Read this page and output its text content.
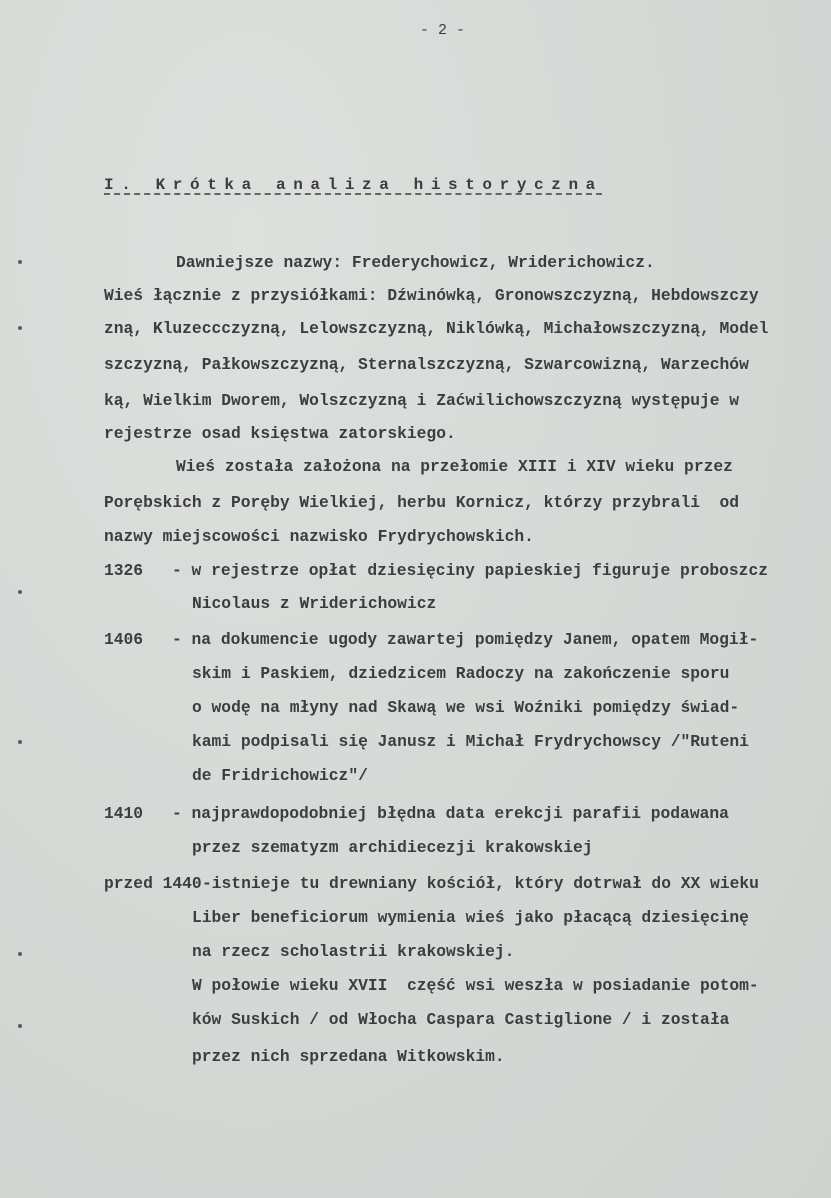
- 2 -
I. Krótka analiza historyczna
Dawniejsze nazwy: Frederychowicz, Wriderichowicz.
Wieś łącznie z przysiółkami: Dźwinówką, Gronowszczyzną, Hebdowszczy
zną, Kluzeccczyzną, Lelowszczyzną, Niklówką, Michałowszczyzną, Model
szczyzną, Pałkowszczyzną, Sternalszczyzną, Szwarcowizną, Warzechów
ką, Wielkim Dworem, Wolszczyzną i Zaćwilichowszczyzną występuje w
rejestrze osad księstwa zatorskiego.
Wieś została założona na przełomie XIII i XIV wieku przez
Porębskich z Poręby Wielkiej, herbu Kornicz, którzy przybrali  od
nazwy miejscowości nazwisko Frydrychowskich.
1326 - w rejestrze opłat dziesięciny papieskiej figuruje proboszcz
Nicolaus z Wriderichowicz
1406 - na dokumencie ugody zawartej pomiędzy Janem, opatem Mogił-
skim i Paskiem, dziedzicem Radoczy na zakończenie sporu
o wodę na młyny nad Skawą we wsi Woźniki pomiędzy świad-
kami podpisali się Janusz i Michał Frydrychowscy /"Ruteni
de Fridrichowicz"/
1410 - najprawdopodobniej błędna data erekcji parafii podawana
przez szematyzm archidiecezji krakowskiej
przed 1440 -istnieje tu drewniany kościół, który dotrwał do XX wieku
Liber beneficiorum wymienia wieś jako płacącą dziesięcinę
na rzecz scholastrii krakowskiej.
W połowie wieku XVII  część wsi weszła w posiadanie potom-
ków Suskich / od Włocha Caspara Castiglione / i została
przez nich sprzedana Witkowskim.
